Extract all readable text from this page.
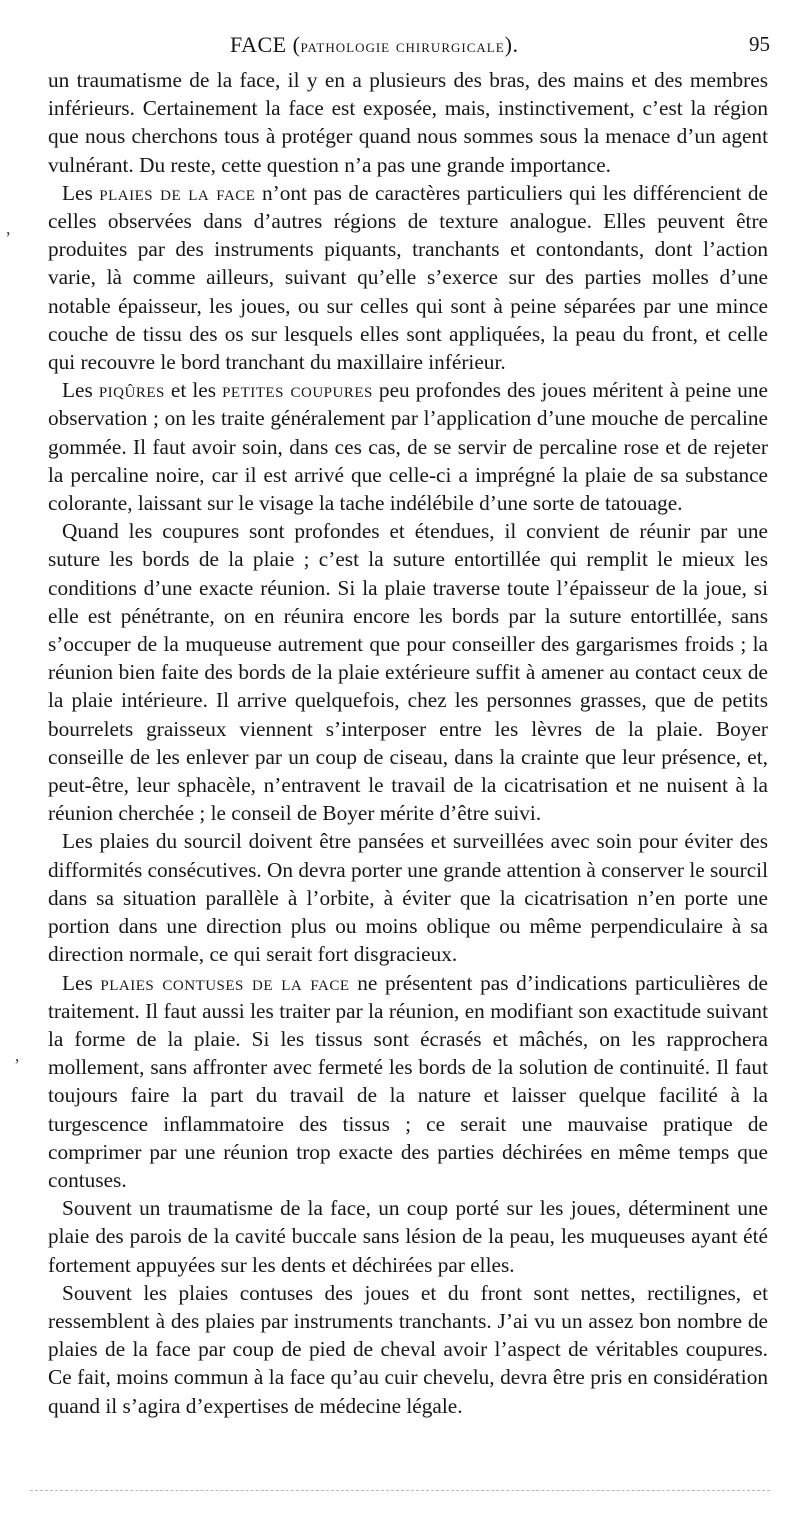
FACE (pathologie chirurgicale).	95

un traumatisme de la face, il y en a plusieurs des bras, des mains et des membres inférieurs. Certainement la face est exposée, mais, instinctivement, c’est la région que nous cherchons tous à protéger quand nous sommes sous la menace d’un agent vulnérant. Du reste, cette question n’a pas une grande importance.

Les plaies de la face n’ont pas de caractères particuliers qui les différencient de celles observées dans d’autres régions de texture analogue. Elles peuvent être produites par des instruments piquants, tranchants et contondants, dont l’action varie, là comme ailleurs, suivant qu’elle s’exerce sur des parties molles d’une notable épaisseur, les joues, ou sur celles qui sont à peine séparées par une mince couche de tissu des os sur lesquels elles sont appliquées, la peau du front, et celle qui recouvre le bord tranchant du maxillaire inférieur.

Les piqûres et les petites coupures peu profondes des joues méritent à peine une observation ; on les traite généralement par l’application d’une mouche de percaline gommée. Il faut avoir soin, dans ces cas, de se servir de percaline rose et de rejeter la percaline noire, car il est arrivé que celle-ci a imprégné la plaie de sa substance colorante, laissant sur le visage la tache indélébile d’une sorte de tatouage.

Quand les coupures sont profondes et étendues, il convient de réunir par une suture les bords de la plaie ; c’est la suture entortillée qui remplit le mieux les conditions d’une exacte réunion. Si la plaie traverse toute l’épaisseur de la joue, si elle est pénétrante, on en réunira encore les bords par la suture entortillée, sans s’occuper de la muqueuse autrement que pour conseiller des gargarismes froids ; la réunion bien faite des bords de la plaie extérieure suffit à amener au contact ceux de la plaie intérieure. Il arrive quelquefois, chez les personnes grasses, que de petits bourrelets graisseux viennent s’interposer entre les lèvres de la plaie. Boyer conseille de les enlever par un coup de ciseau, dans la crainte que leur présence, et, peut-être, leur sphacèle, n’entravent le travail de la cicatrisation et ne nuisent à la réunion cherchée ; le conseil de Boyer mérite d’être suivi.

Les plaies du sourcil doivent être pansées et surveillées avec soin pour éviter des difformités consécutives. On devra porter une grande attention à conserver le sourcil dans sa situation parallèle à l’orbite, à éviter que la cicatrisation n’en porte une portion dans une direction plus ou moins oblique ou même perpendiculaire à sa direction normale, ce qui serait fort disgracieux.

Les plaies contuses de la face ne présentent pas d’indications particulières de traitement. Il faut aussi les traiter par la réunion, en modifiant son exactitude suivant la forme de la plaie. Si les tissus sont écrasés et mâchés, on les rapprochera mollement, sans affronter avec fermeté les bords de la solution de continuité. Il faut toujours faire la part du travail de la nature et laisser quelque facilité à la turgescence inflammatoire des tissus ; ce serait une mauvaise pratique de comprimer par une réunion trop exacte des parties déchirées en même temps que contuses.

Souvent un traumatisme de la face, un coup porté sur les joues, déterminent une plaie des parois de la cavité buccale sans lésion de la peau, les muqueuses ayant été fortement appuyées sur les dents et déchirées par elles.

Souvent les plaies contuses des joues et du front sont nettes, rectilignes, et ressemblent à des plaies par instruments tranchants. J’ai vu un assez bon nombre de plaies de la face par coup de pied de cheval avoir l’aspect de véritables coupures. Ce fait, moins commun à la face qu’au cuir chevelu, devra être pris en considération quand il s’agira d’expertises de médecine légale.

,
’
